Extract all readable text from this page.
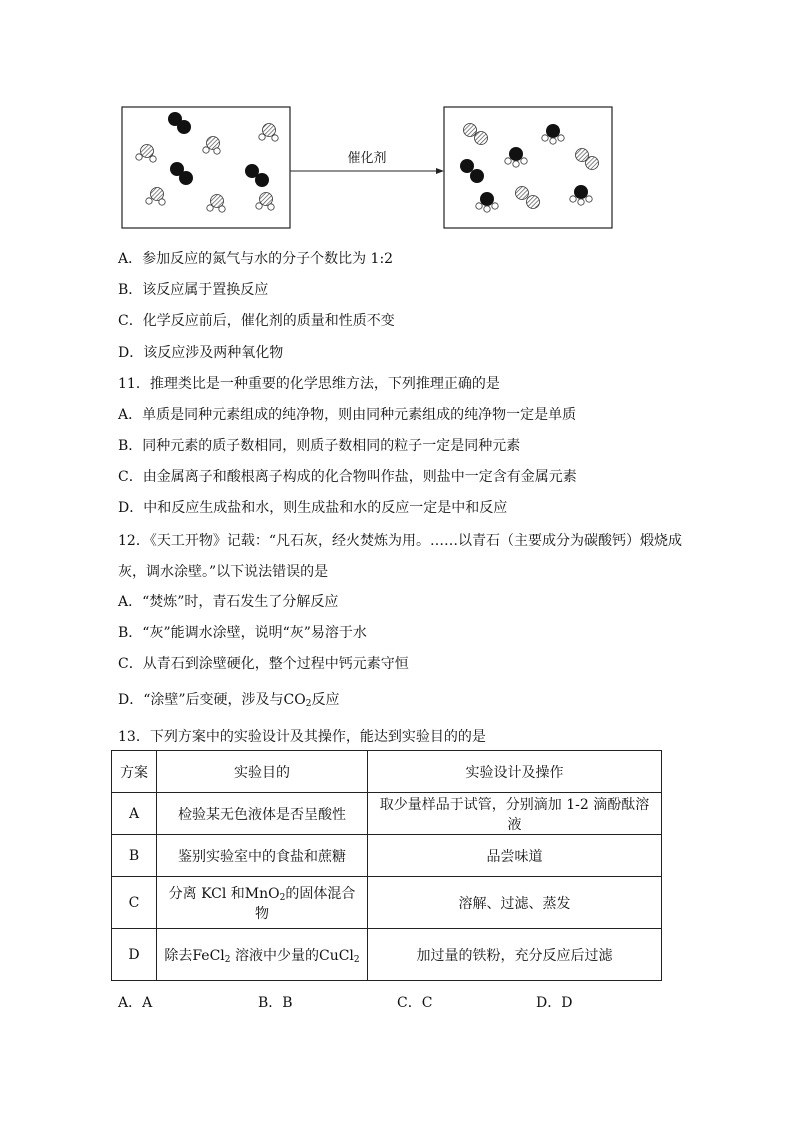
催化剂
A．参加反应的氮气与水的分子个数比为 1:2
B．该反应属于置换反应
C．化学反应前后，催化剂的质量和性质不变
D．该反应涉及两种氧化物
11．推理类比是一种重要的化学思维方法，下列推理正确的是
A．单质是同种元素组成的纯净物，则由同种元素组成的纯净物一定是单质
B．同种元素的质子数相同，则质子数相同的粒子一定是同种元素
C．由金属离子和酸根离子构成的化合物叫作盐，则盐中一定含有金属元素
D．中和反应生成盐和水，则生成盐和水的反应一定是中和反应
12．《天工开物》记载：“凡石灰，经火焚炼为用。……以青石（主要成分为碳酸钙）煅烧成
灰，调水涂壁。”以下说法错误的是
A．“焚炼”时，青石发生了分解反应
B．“灰”能调水涂壁，说明“灰”易溶于水
C．从青石到涂壁硬化，整个过程中钙元素守恒
D．“涂壁”后变硬，涉及与$CO_2$反应
13．下列方案中的实验设计及其操作，能达到实验目的的是
方案	实验目的	实验设计及操作
A	检验某无色液体是否呈酸性	取少量样品于试管，分别滴加 1-2 滴酚酞溶液
B	鉴别实验室中的食盐和蔗糖	品尝味道
C	分离 KCl 和MnO$_2$的固体混合物	溶解、过滤、蒸发
D	除去FeCl$_2$ 溶液中少量的CuCl$_2$	加过量的铁粉，充分反应后过滤
A．A	B．B	C．C	D．D
